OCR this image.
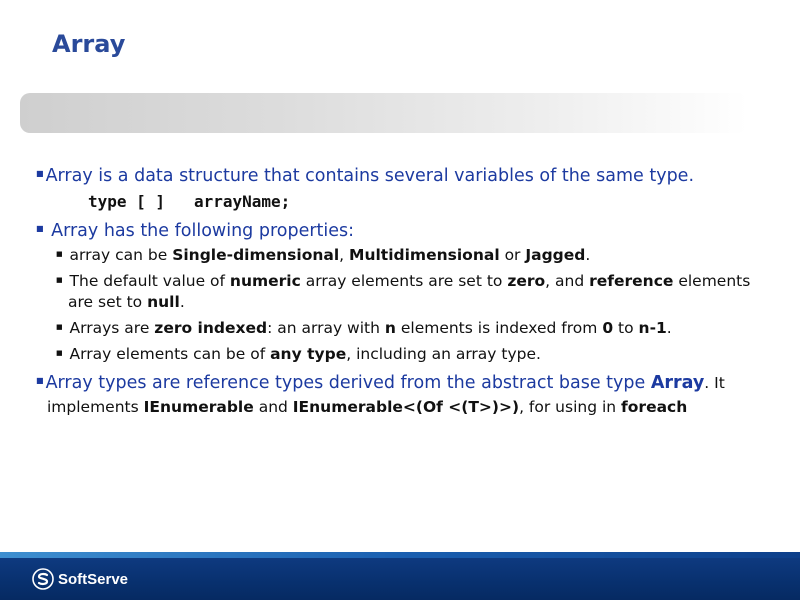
Array
■ Array is a data structure that contains several variables of the same type.
type [ ]   arrayName;
■ Array has the following properties:
■ array can be Single-dimensional, Multidimensional or Jagged.
■ The default value of numeric array elements are set to zero, and reference elements are set to null.
■ Arrays are zero indexed: an array with n elements is indexed from 0 to n-1.
■ Array elements can be of any type, including an array type.
■ Array types are reference types derived from the abstract base type Array. It implements IEnumerable and IEnumerable<(Of <(T>)>), for using in foreach
SoftServe
